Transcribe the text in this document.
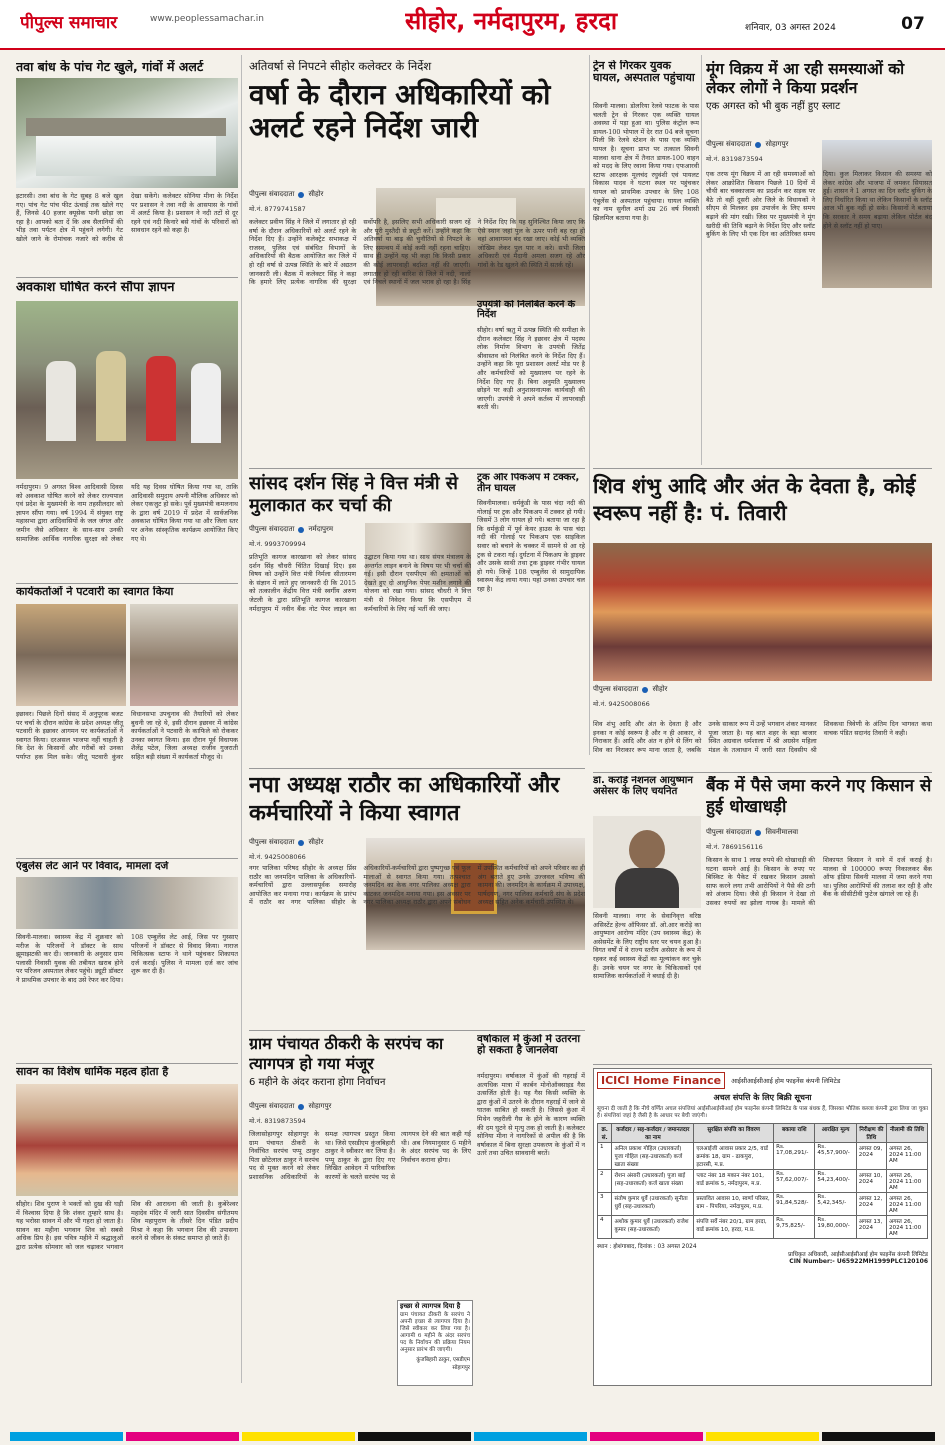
पीपुल्स समाचार	www.peoplessamachar.in	सीहोर, नर्मदापुरम, हरदा	शनिवार, 03 अगस्त 2024	07
तवा बांध के पांच गेट खुले, गांवों में अलर्ट
इटारसी। तवा बांध के गेट सुबह 8 बजे खुल गए। पांच गेट पांच फीट ऊंचाई तक खोले गए हैं, जिनसे 40 हजार क्यूसेक पानी छोड़ा जा रहा है। आपको बता दें कि अब सैलानियों की भीड़ तवा पर्यटन क्षेत्र में पहुंचने लगेगी। गेट खोले जाने के रोमांचक नजारे को करीब से देखा सकेंगे। कलेक्टर सोनिया मीना के निर्देश पर प्रशासन ने तवा नदी के आसपास के गांवों में अलर्ट किया है। प्रशासन ने नदी तटों से दूर रहने एवं नदी किनारे बसे गांवों के परिवारों को सावधान रहने को कहा है।
अवकाश घोषित करने सौंपा ज्ञापन
नर्मदापुरम। 9 अगस्त विश्व आदिवासी दिवस को अवकाश घोषित करने को लेकर राज्यपाल एवं प्रदेश के मुख्यमंत्री के नाम तहसीलदार को ज्ञापन सौंपा गया। वर्ष 1994 में संयुक्त राष्ट्र महासभा द्वारा आदिवासियों के जल जंगल और जमीन जैसे अधिकार के साथ-साथ उनकी सामाजिक आर्थिक नागरिक सुरक्षा को लेकर यदि यह दिवस घोषित किया गया था, ताकि आदिवासी समुदाय अपनी मौलिक अधिकार को लेकर एकजुट हो सके। पूर्व मुख्यमंत्री कमलनाथ के द्वारा वर्ष 2019 में प्रदेश में सार्वजनिक अवकाश घोषित किया गया था और जिला स्तर पर अनेक सांस्कृतिक कार्यक्रम आयोजित किए गए थे।
कार्यकर्ताओं ने पटवारी का स्वागत किया
इछावर। पिछले दिनों संसद में अनुपूरक बजट पर चर्चा के दौरान कांग्रेस के प्रदेश अध्यक्ष जीतू पटवारी के इछावर आगमन पर कार्यकर्ताओं ने स्वागत किया। दरअसल भाजपा नहीं चाहती है कि देश के किसानों और गरीबों को उनका पर्याप्त हक मिल सके। जीतू पटवारी कुंवर विधानसभा उपचुनाव की तैयारियों को लेकर बुधनी जा रहे थे, इसी दौरान इछावर में कांग्रेस कार्यकर्ताओं ने पटवारी के काफिले को रोककर उनका स्वागत किया। इस दौरान पूर्व विधायक शैलेंद्र पटेल, जिला अध्यक्ष राजीव गुजराती सहित बड़ी संख्या में कार्यकर्ता मौजूद थे।
एंबुलेंस लेट आने पर विवाद, मामला दर्ज
सिवनी-मालवा। स्वास्थ्य केंद्र में शुक्रवार को मरीज के परिजनों ने डॉक्टर के साथ झूमाझटकी कर दी। जानकारी के अनुसार ग्राम पलासी निवासी युवक की तबीयत खराब होने पर परिजन अस्पताल लेकर पहुंचे। ड्यूटी डॉक्टर ने प्राथमिक उपचार के बाद उसे रेफर कर दिया। 108 एम्बुलेंस लेट आई, जिस पर गुस्साए परिजनों ने डॉक्टर से विवाद किया। नाराज चिकित्सक स्टाफ ने थाने पहुंचकर शिकायत दर्ज कराई। पुलिस ने मामला दर्ज कर जांच शुरू कर दी है।
सावन का विशेष धार्मिक महत्व होता है
सीहोर। शिव पुराण ने भक्तों को दुख की घड़ी में विश्वास दिया है कि शंकर तुम्हारे साथ है। यह भरोसा सावन में और भी गहरा हो जाता है। सावन का महीना भगवान शिव को सबसे अधिक प्रिय है। इस पवित्र महीने में श्रद्धालुओं द्वारा प्रत्येक सोमवार को जल चढ़ाकर भगवान शिव की आराधना की जाती है। कुबेरेश्वर महादेव मंदिर में जारी सात दिवसीय संगीतमय शिव महापुराण के तीसरे दिन पंडित प्रदीप मिश्रा ने कहा कि भगवान शिव की उपासना करने से जीवन के संकट समाप्त हो जाते हैं।
अतिवर्षा से निपटने सीहोर कलेक्टर के निर्देश
वर्षा के दौरान अधिकारियों को अलर्ट रहने निर्देश जारी
पीपुल्स संवाददाता सीहोर
मो.नं. 8779741587
कलेक्टर प्रवीण सिंह ने जिले में लगातार हो रही वर्षा के दौरान अधिकारियों को अलर्ट रहने के निर्देश दिए हैं। उन्होंने कलेक्ट्रेट सभाकक्ष में राजस्व, पुलिस एवं संबंधित विभागों के अधिकारियों की बैठक आयोजित कर जिले में हो रही वर्षा से उत्पन्न स्थिति के बारे में अद्यतन जानकारी ली। बैठक में कलेक्टर सिंह ने कहा कि हमारे लिए प्रत्येक नागरिक की सुरक्षा सर्वोपरि है, इसलिए सभी अधिकारी सजग रहें और पूरी मुस्तैदी से ड्यूटी करें। उन्होंने कहा कि अतिवर्षा या बाढ़ की चुनौतियों से निपटने के लिए समन्वय में कोई कमी नहीं रहना चाहिए। साथ ही उन्होंने यह भी कहा कि किसी प्रकार की कोई लापरवाही बर्दाश्त नहीं की जाएगी। लगातार हो रही बारिश से जिले में नदी, नालों एवं निचले स्थानों में जल भराव हो रहा है। सिंह ने निर्देश दिए कि यह सुनिश्चित किया जाए कि ऐसे स्थान जहां पुल के ऊपर पानी बह रहा हो वहां आवागमन बंद रखा जाए। कोई भी व्यक्ति जोखिम लेकर पुल पार न करे। सभी जिला अधिकारी एवं मैदानी अमला सजग रहे और गांवों के रेड खुलने की स्थिति में सतर्क रहें।
ट्रेन से गिरकर युवक घायल, अस्पताल पहुंचाया
सिवनी मालवा। डोलरिया रेलवे फाटक के पास चलती ट्रेन से गिरकर एक व्यक्ति घायल अवस्था में पड़ा हुआ था। पुलिस कंट्रोल रूम डायल-100 भोपाल में देर रात 04 बजे सूचना मिली कि रेलवे स्टेशन के पास एक व्यक्ति घायल है। सूचना प्राप्त पर तत्काल सिवनी मालवा थाना क्षेत्र में तैनात डायल-100 वाहन को मदद के लिए रवाना किया गया। एफआरवी स्टाफ आरक्षक मूलचंद रघुवंशी एवं पायलट विकास यादव ने घटना स्थल पर पहुंचकर घायल को प्राथमिक उपचार के लिए 108 एंबुलेंस से अस्पताल पहुंचाया। घायल व्यक्ति का नाम सुनील शर्मा उम्र 26 वर्ष निवासी झिलमिल बताया गया है।
उपयंत्री को निलंबित करने के निर्देश
सीहोर। वर्षा ऋतु में उत्पन्न स्थिति की समीक्षा के दौरान कलेक्टर सिंह ने इछावर क्षेत्र में पदस्थ लोक निर्माण विभाग के उपयंत्री जितेंद्र श्रीवास्तव को निलंबित करने के निर्देश दिए हैं। उन्होंने कहा कि पूरा प्रशासन अलर्ट मोड पर है और कर्मचारियों को मुख्यालय पर रहने के निर्देश दिए गए हैं। बिना अनुमति मुख्यालय छोड़ने पर कड़ी अनुशासनात्मक कार्यवाही की जाएगी। उपयंत्री ने अपने कर्तव्य में लापरवाही बरती थी।
सांसद दर्शन सिंह ने वित्त मंत्री से मुलाकात कर चर्चा की
पीपुल्स संवाददाता नर्मदापुरम
मो.नं. 9993709994
प्रतिभूति कागज कारखाना को लेकर सांसद दर्शन सिंह चौधरी चिंतित दिखाई दिए। इस विषय को उन्होंने वित्त मंत्री निर्मला सीतारमण के संज्ञान में लाते हुए जानकारी दी कि 2015 को तत्कालीन केंद्रीय वित्त मंत्री स्वर्गीय अरुण जेटली के द्वारा प्रतिभूति कागज कारखाना नर्मदापुरम में नवीन बैंक नोट पेपर लाइन का उद्घाटन किया गया था। साथ संयत्र मंत्रालय के अन्तर्गत लाइन बनाने के विषय पर भी चर्चा की गई। इसी दौरान एसपीएम की क्षमताओं को देखते हुए दो आधुनिक पेपर मशीन लगाने की योजना को रखा गया। सांसद चौधरी ने वित्त मंत्री से निवेदन किया कि एसपीएम में कर्मचारियों के लिए नई भर्ती की जाए।
ट्रक और पिकअप में टक्कर, तीन घायल
सिवनीमालवा। धर्मकुंडी के पास चंदा नदी की गोलाई पर ट्रक और पिकअप में टक्कर हो गयी। जिसमें 3 लोग घायल हो गये। बताया जा रहा है कि धर्मकुंडी में पूर्व केयर हाउस के पास चंदा नदी की गोलाई पर पिकअप एक साइकिल सवार को बचाने के चक्कर में सामने से आ रहे ट्रक से टकरा गई। दुर्घटना में पिकअप के ड्राइवर और उसके साथी तथा ट्रक ड्राइवर गंभीर घायल हो गये। जिन्हें 108 एम्बुलेंस से सामुदायिक स्वास्थ्य केंद्र लाया गया। यहां उनका उपचार चल रहा है।
नपा अध्यक्ष राठौर का अधिकारियों और कर्मचारियों ने किया स्वागत
पीपुल्स संवाददाता सीहोर
मो.नं. 9425008066
नगर पालिका परिषद सीहोर के अध्यक्ष प्रिंस राठौर का जनमदिन पालिका के अधिकारियों-कर्मचारियों द्वारा उल्लासपूर्वक समारोह आयोजित कर मनाया गया। कार्यक्रम के प्रारंभ में राठौर का नगर पालिका सीहोर के अधिकारियों-कर्मचारियों द्वारा पुष्पगुच्छ एवं फूल मालाओं से स्वागत किया गया। तत्पश्चात जनमदिन का केक नगर पालिका अध्यक्ष द्वारा काटकर जनमदिन मनाया गया। इस अवसर पर नगर पालिका अध्यक्ष राठौर द्वारा अपने संबोधन में उपस्थित कर्मचारियों को अपने परिवार का ही अंग बताते हुए उनके उज्जवल भविष्य की कामना की। जनमदिन के कार्यक्रम में उपाध्यक्ष, पार्षदगण, नगर पालिका कर्मचारी संघ के प्रदेश अध्यक्ष सहित अनेक कर्मचारी उपस्थित थे।
ग्राम पंचायत ठीकरी के सरपंच का त्यागपत्र हो गया मंजूर
6 महीने के अंदर कराना होगा निर्वाचन
पीपुल्स संवाददाता सोहागपुर
मो.नं. 8319873594
जिलासोहागपुर सोहागपुर के ग्राम पंचायत ठीकरी के निर्वाचित सरपंच पप्पू ठाकुर पिता छोटेलाल ठाकुर ने सरपंच पद से मुक्त करने को लेकर प्रशासनिक अधिकारियों के समक्ष त्यागपत्र प्रस्तुत किया था। जिसे एसडीएम कुंजबिहारी ठाकुर ने स्वीकार कर लिया है। पप्पू ठाकुर के द्वारा दिए गए लिखित आवेदन में पारिवारिक कारणों के चलते सरपंच पद से त्यागपत्र देने की बात कही गई थी। अब नियमानुसार 6 महीने के अंदर सरपंच पद के लिए निर्वाचन कराना होगा।
इच्छा से त्यागपत्र दिया है
ग्राम पंचायत ठीकरी के सरपंच ने अपनी इच्छा से त्यागपत्र दिया है। जिसे स्वीकार कर लिया गया है। आगामी 6 महीने के अंदर सरपंच पद के निर्वाचन की प्रक्रिया नियम अनुसार प्रारंभ की जाएगी।
कुंजबिहारी ठाकुर, एसडीएम सोहागपुर
वर्षाकाल में कुंओं में उतरना हो सकता है जानलेवा
नर्मदापुरम। वर्षाकाल में कुंओं की गहराई में अत्यधिक मात्रा में कार्बन मोनोऑक्साइड गैस उत्सर्जित होती है। यह गैस किसी व्यक्ति के द्वारा कुंओं में उतरने के दौरान गहराई में जाने से घातक साबित हो सकती है। जिससे कुंआ में मिथेन जहरीली गैस के होने के कारण व्यक्ति की दम घुटने से मृत्यु तक हो जाती है। कलेक्टर सोनिया मीना ने नागरिकों से अपील की है कि वर्षाकाल में बिना सुरक्षा उपकरण के कुंओं में न उतरें तथा उचित सावधानी बरतें।
मूंग विक्रय में आ रही समस्याओं को लेकर लोगों ने किया प्रदर्शन
एक अगस्त को भी बुक नहीं हुए स्लाट
पीपुल्स संवाददाता सोहागपुर
मो.नं. 8319873594
एक तरफ मूंग विक्रय में आ रही समस्याओं को लेकर आक्रोशित किसान पिछले 10 दिनों में चौथी बार चक्काजाम का प्रदर्शन कर सड़क पर बैठे तो वहीं दूसरी ओर जिले के विधायकों ने सीएम से मिलकर इस उपार्जन के लिए समय बढ़ाने की मांग रखी। जिस पर मुख्यमंत्री ने मूंग खरीदी की तिथि बढ़ाने के निर्देश दिए और स्लॉट बुकिंग के लिए भी एक दिन का अतिरिक्त समय दिया। कुल मिलाकर किसान की समस्या को लेकर कांग्रेस और भाजपा में जमकर सियासत हुई। शासन ने 1 अगस्त का दिन स्लॉट बुकिंग के लिए निर्धारित किया था लेकिन किसानों के स्लॉट आज भी बुक नहीं हो सके। किसानों ने बताया कि सरकार ने समय बढ़ाया लेकिन पोर्टल बंद होने से स्लॉट नहीं हो पाए।
शिव शंभु आदि और अंत के देवता है, कोई स्वरूप नहीं है: पं. तिवारी
पीपुल्स संवाददाता सीहोर
मो.नं. 9425008066
शिव शंभु आदि और अंत के देवता है और इनका न कोई स्वरूप है और न ही आकार, वे निराकार हैं। आदि और अंत न होने से लिंग को शिव का निराकार रूप माना जाता है, जबकि उनके साकार रूप में उन्हें भगवान शंकर मानकर पूजा जाता है। यह बात शहर के बड़ा बाजार स्थित अग्रवाल धर्मशाला में श्री अग्रसेन महिला मंडल के तत्वाधान में जारी सात दिवसीय श्री शिवकथा त्रिवेणी के अंतिम दिन भागवत कथा वाचक पंडित सदानंद तिवारी ने कही।
डॉ. करोड़े नेशनल आयुष्मान असेसर के लिए चयनित
सिवनी मालवा। नगर के सेवानिवृत्त वरिष्ठ असिस्टेंट हेल्थ ऑफिसर डॉ. ओ.आर करोड़े का आयुष्मान आरोग्य मंदिर (उप स्वास्थ्य केंद्र) के असेसमेंट के लिए राष्ट्रीय स्तर पर चयन हुआ है। विगत वर्षों में वे राज्य स्तरीय असेसर के रूप में रहकर कई स्वास्थ्य केंद्रों का मूल्यांकन कर चुके हैं। उनके चयन पर नगर के चिकित्सकों एवं सामाजिक कार्यकर्ताओं ने बधाई दी है।
बैंक में पैसे जमा करने गए किसान से हुई धोखाधड़ी
पीपुल्स संवाददाता सिवनीमालवा
मो.नं. 7869156116
किसान के साथ 1 लाख रुपये की धोखाधड़ी की घटना सामने आई है। किसान के रुपए पर बिस्किट के पैकेट में रखकर किसान उसको साफ करने लगा तभी आरोपियों ने पैसे की ठगी को अंजाम दिया। जैसे ही किसान ने देखा तो उसका रुपयों का झोला गायब है। मामले की शिकायत किसान ने थाने में दर्ज कराई है। मालवा से 100000 रूपए निकालकर बैंक ऑफ इंडिया सिवनी मालवा में जमा करने गया था। पुलिस आरोपियों की तलाश कर रही है और बैंक के सीसीटीवी फुटेज खंगाले जा रहे हैं।
ICICI Home Finance	आईसीआईसीआई होम फाइनेंस कंपनी लिमिटेड
अचल संपत्ति के लिए बिक्री सूचना
सूचना दी जाती है कि नीचे वर्णित अचल संपत्तियां आईसीआईसीआई होम फाइनेंस कंपनी लिमिटेड के पास बंधक हैं, जिसका भौतिक कब्जा कंपनी द्वारा लिया जा चुका है। संपत्तियां जहां है जैसी है के आधार पर बेची जाएंगी।
क्र. सं.	कर्जदार / सह-कर्जदार / जमानतदार का नाम	सुरक्षित संपत्ति का विवरण	बकाया राशि	आरक्षित मूल्य	निरीक्षण की तिथि	नीलामी की तिथि
1	अनिल प्रकाश गोहिल (उधारकर्ता) पूजा गोहिल (सह-उधारकर्ता) कर्ज खाता संख्या	एलआईजी आवास प्रकार 2/5, वार्ड क्रमांक 18, ग्राम - ढाकपुरा, इटारसी, म.प्र.	Rs. 17,08,291/-	Rs. 45,57,900/-	अगस्त 09, 2024	अगस्त 26, 2024 11:00 AM
2	रोशन अंसारी (उधारकर्ता) पूजा बाई (सह-उधारकर्ता) कर्ज खाता संख्या	प्लाट नंबर 18 मकान नंबर 101, वार्ड क्रमांक 5, नर्मदापुरम, म.प्र.	Rs. 57,62,007/-	Rs. 54,23,400/-	अगस्त 10, 2024	अगस्त 26, 2024 11:00 AM
3	संतोष कुमार धुर्वे (उधारकर्ता) सुनीता धुर्वे (सह-उधारकर्ता)	प्रस्तावित आवास 10, स्वर्णा परिसर, ग्राम - पिपरिया, नर्मदापुरम, म.प्र.	Rs. 91,84,528/-	Rs. 5,42,345/-	अगस्त 12, 2024	अगस्त 26, 2024 11:00 AM
4	अशोक कुमार धुर्वे (उधारकर्ता) राजेश कुमार (सह-उधारकर्ता)	संपत्ति सर्वे नंबर 20/1, ग्राम हरदा, वार्ड क्रमांक 10, हरदा, म.प्र.	Rs. 9,75,825/-	Rs. 19,80,000/-	अगस्त 13, 2024	अगस्त 26, 2024 11:00 AM
स्थान : होशंगाबाद, दिनांक : 03 अगस्त 2024
प्राधिकृत अधिकारी, आईसीआईसीआई होम फाइनेंस कंपनी लिमिटेड
CIN Number:- U65922MH1999PLC120106
